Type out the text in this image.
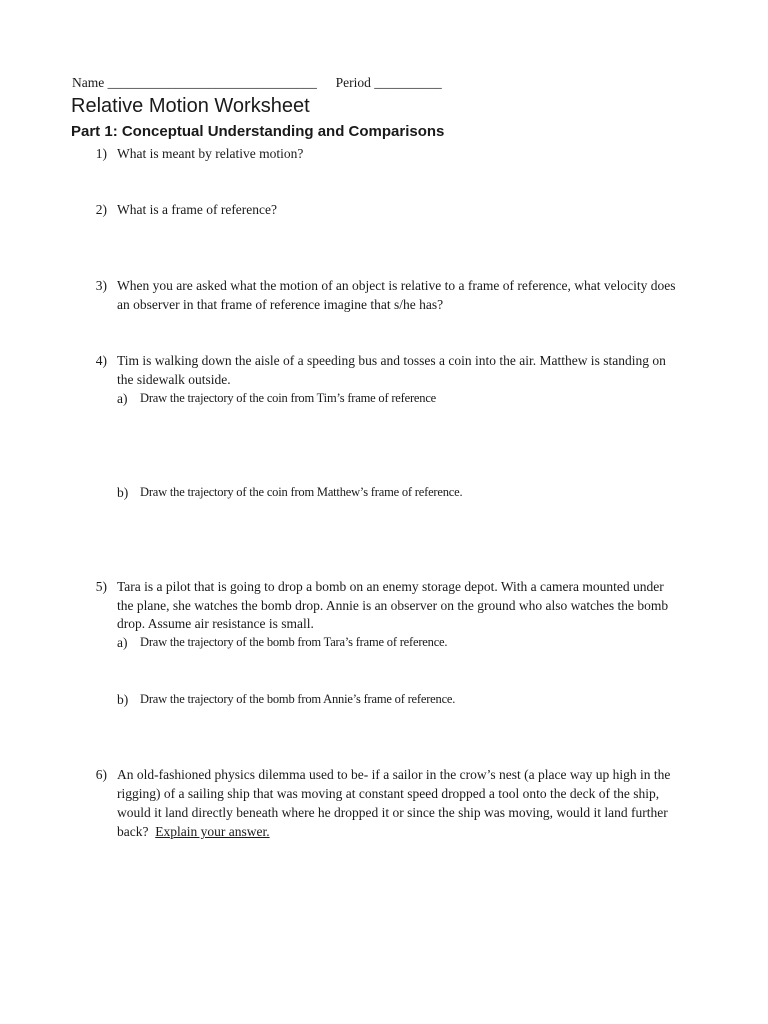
Name _______________________________ Period __________
Relative Motion Worksheet
Part 1: Conceptual Understanding and Comparisons
1) What is meant by relative motion?
2) What is a frame of reference?
3) When you are asked what the motion of an object is relative to a frame of reference, what velocity does
an observer in that frame of reference imagine that s/he has?
4) Tim is walking down the aisle of a speeding bus and tosses a coin into the air. Matthew is standing on
the sidewalk outside.
a) Draw the trajectory of the coin from Tim’s frame of reference
b) Draw the trajectory of the coin from Matthew’s frame of reference.
5) Tara is a pilot that is going to drop a bomb on an enemy storage depot. With a camera mounted under
the plane, she watches the bomb drop. Annie is an observer on the ground who also watches the bomb
drop. Assume air resistance is small.
a) Draw the trajectory of the bomb from Tara’s frame of reference.
b) Draw the trajectory of the bomb from Annie’s frame of reference.
6) An old-fashioned physics dilemma used to be- if a sailor in the crow’s nest (a place way up high in the
rigging) of a sailing ship that was moving at constant speed dropped a tool onto the deck of the ship,
would it land directly beneath where he dropped it or since the ship was moving, would it land further
back?  Explain your answer.
